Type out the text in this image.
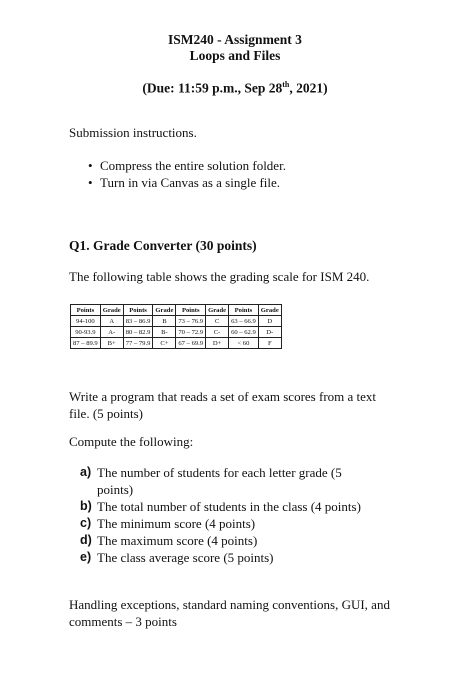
ISM240 - Assignment 3
Loops and Files
(Due: 11:59 p.m., Sep 28th, 2021)
Submission instructions.
• Compress the entire solution folder.
• Turn in via Canvas as a single file.
Q1. Grade Converter (30 points)
The following table shows the grading scale for ISM 240.
Points	Grade	Points	Grade	Points	Grade	Points	Grade
94-100	A	83 – 86.9	B	73 – 76.9	C	63 – 66.9	D
90-93.9	A-	80 – 82.9	B-	70 – 72.9	C-	60 – 62.9	D-
87 – 89.9	B+	77 – 79.9	C+	67 – 69.9	D+	< 60	F
Write a program that reads a set of exam scores from a text file. (5 points)
Compute the following:
a) The number of students for each letter grade (5
points)
b) The total number of students in the class (4 points)
c) The minimum score (4 points)
d) The maximum score (4 points)
e) The class average score (5 points)
Handling exceptions, standard naming conventions, GUI, and comments – 3 points
